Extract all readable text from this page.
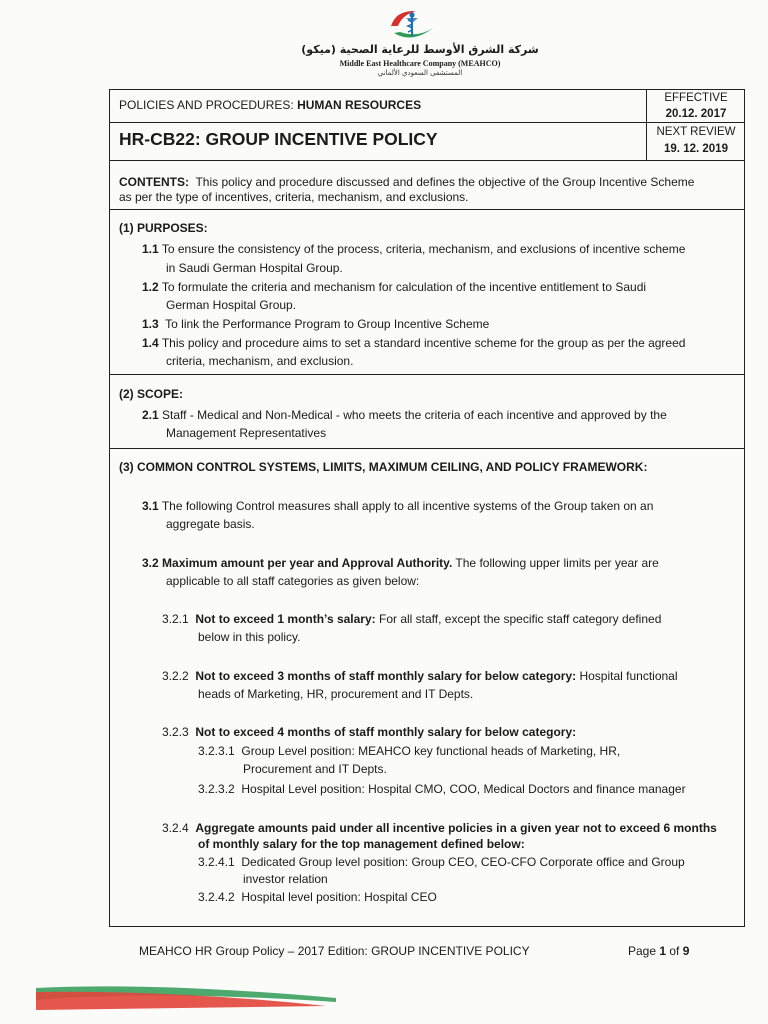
شركة الشرق الأوسط للرعاية الصحية (ميكو)
Middle East Healthcare Company (MEAHCO)
المستشفى السعودي الألماني
POLICIES AND PROCEDURES: HUMAN RESOURCES
HR-CB22: GROUP INCENTIVE POLICY
EFFECTIVE
20.12. 2017
NEXT REVIEW
19. 12. 2019
CONTENTS: This policy and procedure discussed and defines the objective of the Group Incentive Scheme
as per the type of incentives, criteria, mechanism, and exclusions.
(1) PURPOSES:
1.1 To ensure the consistency of the process, criteria, mechanism, and exclusions of incentive scheme
in Saudi German Hospital Group.
1.2 To formulate the criteria and mechanism for calculation of the incentive entitlement to Saudi
German Hospital Group.
1.3 To link the Performance Program to Group Incentive Scheme
1.4 This policy and procedure aims to set a standard incentive scheme for the group as per the agreed
criteria, mechanism, and exclusion.
(2) SCOPE:
2.1 Staff - Medical and Non-Medical - who meets the criteria of each incentive and approved by the
Management Representatives
(3) COMMON CONTROL SYSTEMS, LIMITS, MAXIMUM CEILING, AND POLICY FRAMEWORK:
3.1 The following Control measures shall apply to all incentive systems of the Group taken on an
aggregate basis.
3.2 Maximum amount per year and Approval Authority. The following upper limits per year are
applicable to all staff categories as given below:
3.2.1 Not to exceed 1 month’s salary: For all staff, except the specific staff category defined
below in this policy.
3.2.2 Not to exceed 3 months of staff monthly salary for below category: Hospital functional
heads of Marketing, HR, procurement and IT Depts.
3.2.3 Not to exceed 4 months of staff monthly salary for below category:
3.2.3.1 Group Level position: MEAHCO key functional heads of Marketing, HR,
Procurement and IT Depts.
3.2.3.2 Hospital Level position: Hospital CMO, COO, Medical Doctors and finance manager
3.2.4 Aggregate amounts paid under all incentive policies in a given year not to exceed 6 months
of monthly salary for the top management defined below:
3.2.4.1 Dedicated Group level position: Group CEO, CEO-CFO Corporate office and Group
investor relation
3.2.4.2 Hospital level position: Hospital CEO
MEAHCO HR Group Policy – 2017 Edition: GROUP INCENTIVE POLICY	Page 1 of 9
